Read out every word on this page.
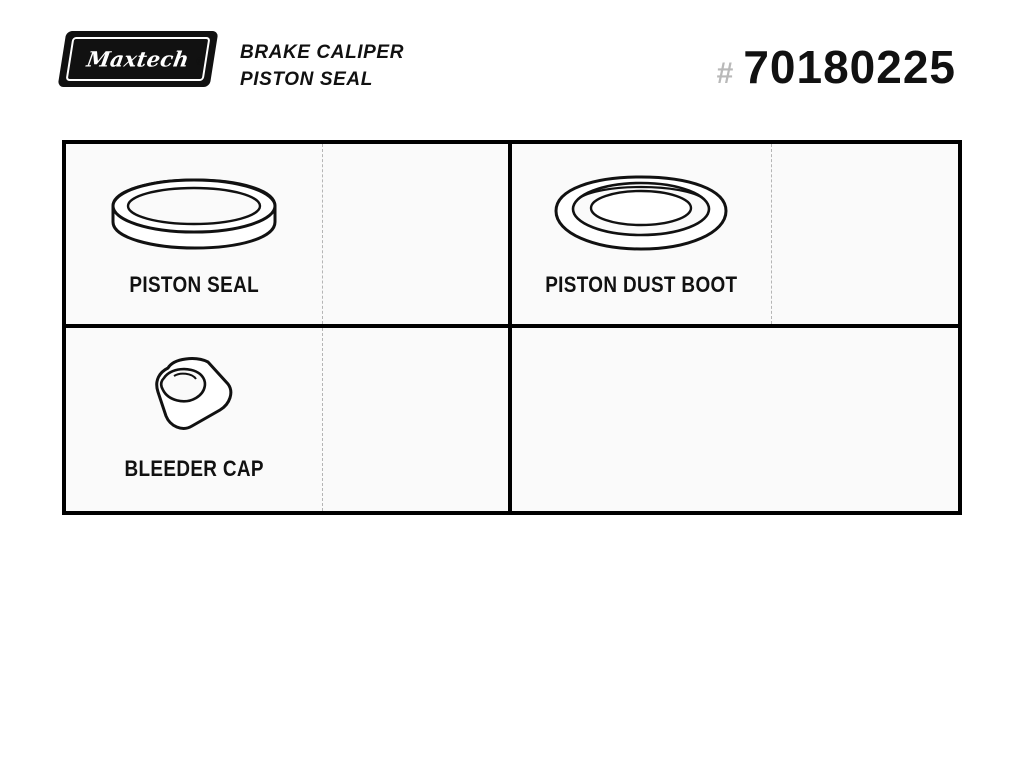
Maxtech ® BRAKE CALIPER
PISTON SEAL	# 70180225
PISTON SEAL	PISTON DUST BOOT
BLEEDER CAP
